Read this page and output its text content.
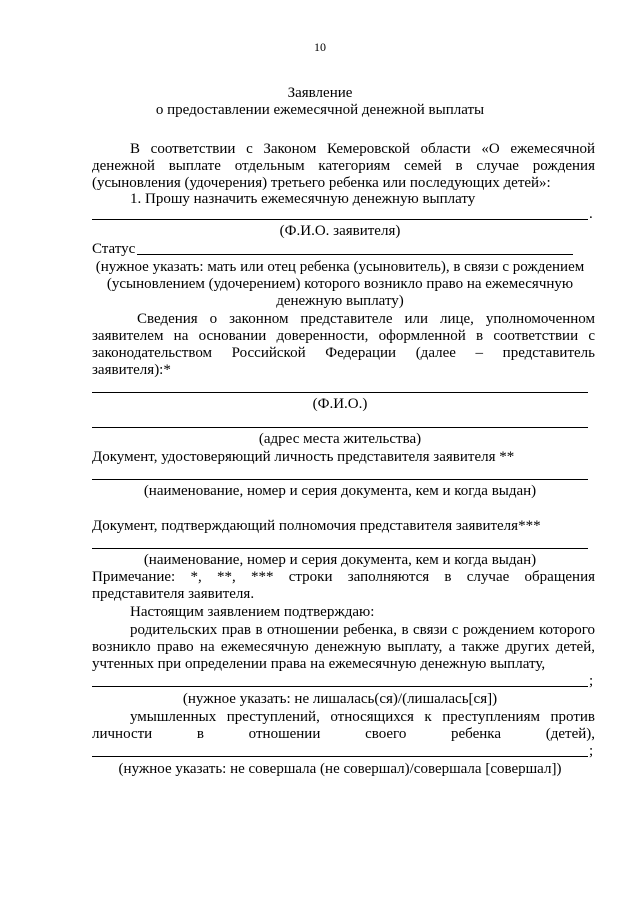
10
Заявление
о предоставлении ежемесячной денежной выплаты
В соответствии с Законом Кемеровской области «О ежемесячной
денежной выплате отдельным категориям семей в случае рождения
(усыновления (удочерения) третьего ребенка или последующих детей»:
1. Прошу назначить ежемесячную денежную выплату
.
(Ф.И.О. заявителя)
Статус
(нужное указать: мать или отец ребенка (усыновитель), в связи с рождением
(усыновлением (удочерением) которого возникло право на ежемесячную
денежную выплату)
Сведения о законном представителе или лице, уполномоченном
заявителем на основании доверенности, оформленной в соответствии с
законодательством Российской Федерации (далее – представитель
заявителя):*
(Ф.И.О.)
(адрес места жительства)
Документ, удостоверяющий личность представителя заявителя **
(наименование, номер и серия документа, кем и когда выдан)
Документ, подтверждающий полномочия представителя заявителя***
(наименование, номер и серия документа, кем и когда выдан)
Примечание: *, **, *** строки заполняются в случае обращения
представителя заявителя.
Настоящим заявлением подтверждаю:
родительских прав в отношении ребенка, в связи с рождением которого
возникло право на ежемесячную денежную выплату, а также других детей,
учтенных при определении права на ежемесячную денежную выплату,
;
(нужное указать: не лишалась(ся)/(лишалась[ся])
умышленных преступлений, относящихся к преступлениям против
личности в отношении своего ребенка (детей),
;
(нужное указать: не совершала (не совершал)/совершала [совершал])
